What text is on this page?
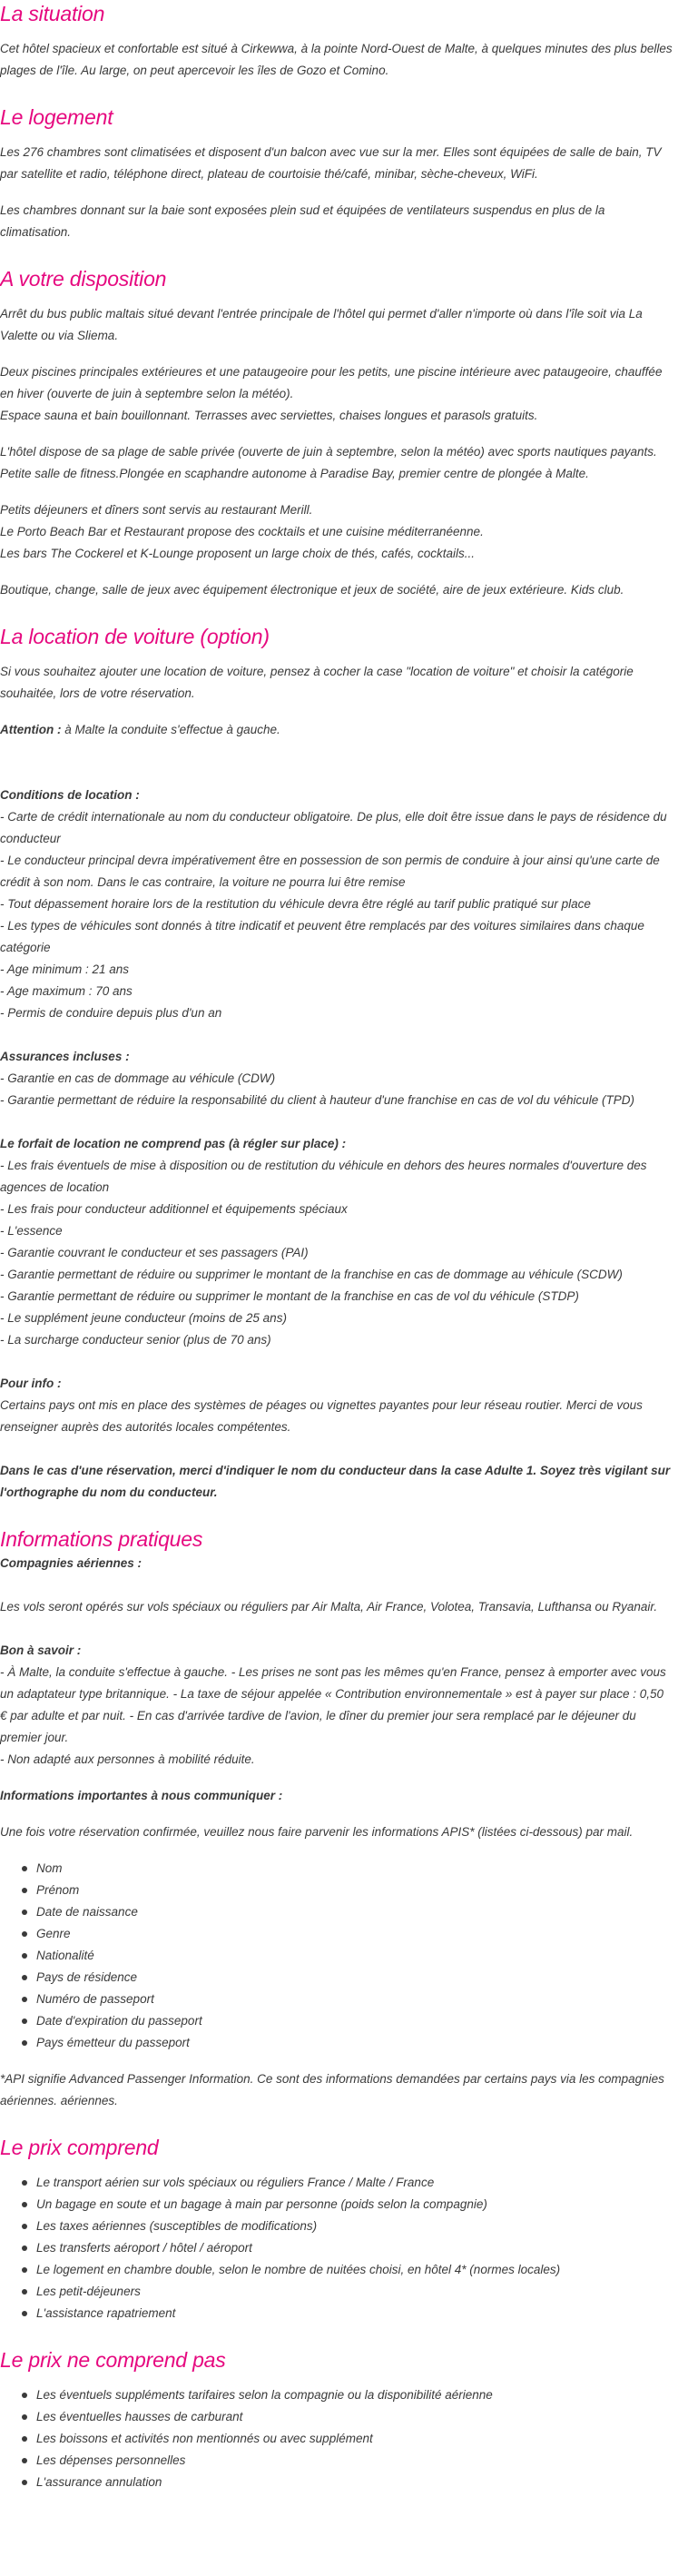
La situation

Cet hôtel spacieux et confortable est situé à Cirkewwa, à la pointe Nord-Ouest de Malte, à quelques minutes des plus belles plages de l'île. Au large, on peut apercevoir les îles de Gozo et Comino.

Le logement

Les 276 chambres sont climatisées et disposent d'un balcon avec vue sur la mer. Elles sont équipées de salle de bain, TV par satellite et radio, téléphone direct, plateau de courtoisie thé/café, minibar, sèche-cheveux, WiFi.

Les chambres donnant sur la baie sont exposées plein sud et équipées de ventilateurs suspendus en plus de la climatisation.

A votre disposition

Arrêt du bus public maltais situé devant l'entrée principale de l'hôtel qui permet d'aller n'importe où dans l'île soit via La Valette ou via Sliema.

Deux piscines principales extérieures et une pataugeoire pour les petits, une piscine intérieure avec pataugeoire, chauffée en hiver (ouverte de juin à septembre selon la météo).
Espace sauna et bain bouillonnant. Terrasses avec serviettes, chaises longues et parasols gratuits.

L'hôtel dispose de sa plage de sable privée (ouverte de juin à septembre, selon la météo) avec sports nautiques payants.
Petite salle de fitness.Plongée en scaphandre autonome à Paradise Bay, premier centre de plongée à Malte.

Petits déjeuners et dîners sont servis au restaurant Merill.
Le Porto Beach Bar et Restaurant propose des cocktails et une cuisine méditerranéenne.
Les bars The Cockerel et K-Lounge proposent un large choix de thés, cafés, cocktails...

Boutique, change, salle de jeux avec équipement électronique et jeux de société, aire de jeux extérieure. Kids club.

La location de voiture (option)

Si vous souhaitez ajouter une location de voiture, pensez à cocher la case "location de voiture" et choisir la catégorie souhaitée, lors de votre réservation.

Attention : à Malte la conduite s'effectue à gauche.

Conditions de location :

- Carte de crédit internationale au nom du conducteur obligatoire. De plus, elle doit être issue dans le pays de résidence du conducteur
- Le conducteur principal devra impérativement être en possession de son permis de conduire à jour ainsi qu'une carte de crédit à son nom. Dans le cas contraire, la voiture ne pourra lui être remise
- Tout dépassement horaire lors de la restitution du véhicule devra être réglé au tarif public pratiqué sur place
- Les types de véhicules sont donnés à titre indicatif et peuvent être remplacés par des voitures similaires dans chaque catégorie
- Age minimum : 21 ans
- Age maximum : 70 ans
- Permis de conduire depuis plus d'un an

Assurances incluses :

- Garantie en cas de dommage au véhicule (CDW)
- Garantie permettant de réduire la responsabilité du client à hauteur d'une franchise en cas de vol du véhicule (TPD)

Le forfait de location ne comprend pas (à régler sur place) :

- Les frais éventuels de mise à disposition ou de restitution du véhicule en dehors des heures normales d'ouverture des agences de location
- Les frais pour conducteur additionnel et équipements spéciaux
- L'essence
- Garantie couvrant le conducteur et ses passagers (PAI)
- Garantie permettant de réduire ou supprimer le montant de la franchise en cas de dommage au véhicule (SCDW)
- Garantie permettant de réduire ou supprimer le montant de la franchise en cas de vol du véhicule (STDP)
- Le supplément jeune conducteur (moins de 25 ans)
- La surcharge conducteur senior (plus de 70 ans)

Pour info :

Certains pays ont mis en place des systèmes de péages ou vignettes payantes pour leur réseau routier. Merci de vous renseigner auprès des autorités locales compétentes.

Dans le cas d'une réservation, merci d'indiquer le nom du conducteur dans la case Adulte 1. Soyez très vigilant sur l'orthographe du nom du conducteur.

Informations pratiques

Compagnies aériennes :

Les vols seront opérés sur vols spéciaux ou réguliers par Air Malta, Air France, Volotea, Transavia, Lufthansa ou Ryanair.

Bon à savoir :

- À Malte, la conduite s'effectue à gauche. - Les prises ne sont pas les mêmes qu'en France, pensez à emporter avec vous un adaptateur type britannique. - La taxe de séjour appelée « Contribution environnementale » est à payer sur place : 0,50 € par adulte et par nuit. - En cas d'arrivée tardive de l'avion, le dîner du premier jour sera remplacé par le déjeuner du premier jour.

- Non adapté aux personnes à mobilité réduite.

Informations importantes à nous communiquer :

Une fois votre réservation confirmée, veuillez nous faire parvenir les informations APIS* (listées ci-dessous) par mail.

Nom
Prénom
Date de naissance
Genre
Nationalité
Pays de résidence
Numéro de passeport
Date d'expiration du passeport
Pays émetteur du passeport

*API signifie Advanced Passenger Information. Ce sont des informations demandées par certains pays via les compagnies aériennes. aériennes.

Le prix comprend
Le transport aérien sur vols spéciaux ou réguliers France / Malte / France
Un bagage en soute et un bagage à main par personne (poids selon la compagnie)
Les taxes aériennes (susceptibles de modifications)
Les transferts aéroport / hôtel / aéroport
Le logement en chambre double, selon le nombre de nuitées choisi, en hôtel 4* (normes locales)
Les petit-déjeuners
L'assistance rapatriement
Le prix ne comprend pas
Les éventuels suppléments tarifaires selon la compagnie ou la disponibilité aérienne
Les éventuelles hausses de carburant
Les boissons et activités non mentionnés ou avec supplément
Les dépenses personnelles
L'assurance annulation
